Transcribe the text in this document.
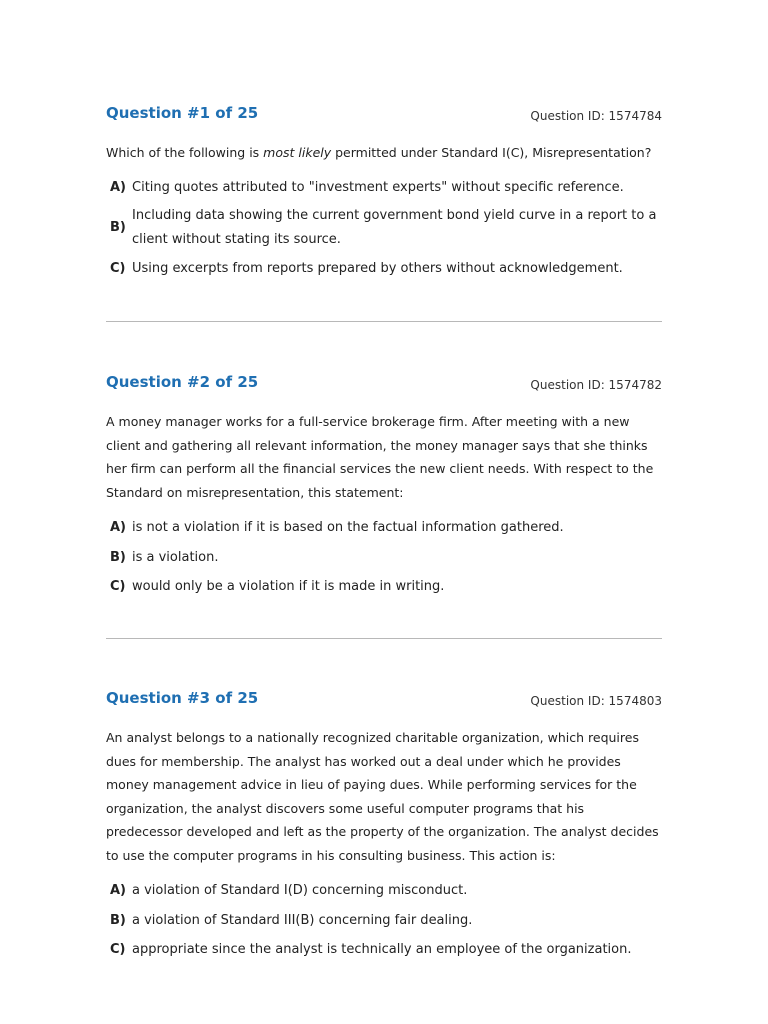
Question #1 of 25	Question ID: 1574784

Which of the following is most likely permitted under Standard I(C), Misrepresentation?

A) Citing quotes attributed to "investment experts" without specific reference.
B)
Including data showing the current government bond yield curve in a report to a client without stating its source.
C) Using excerpts from reports prepared by others without acknowledgement.
Question #2 of 25	Question ID: 1574782

A money manager works for a full-service brokerage firm. After meeting with a new client and gathering all relevant information, the money manager says that she thinks her firm can perform all the financial services the new client needs. With respect to the Standard on misrepresentation, this statement:

A) is not a violation if it is based on the factual information gathered.
B) is a violation.
C) would only be a violation if it is made in writing.
Question #3 of 25	Question ID: 1574803

An analyst belongs to a nationally recognized charitable organization, which requires dues for membership. The analyst has worked out a deal under which he provides money management advice in lieu of paying dues. While performing services for the organization, the analyst discovers some useful computer programs that his predecessor developed and left as the property of the organization. The analyst decides to use the computer programs in his consulting business. This action is:

A) a violation of Standard I(D) concerning misconduct.
B) a violation of Standard III(B) concerning fair dealing.
C) appropriate since the analyst is technically an employee of the organization.
